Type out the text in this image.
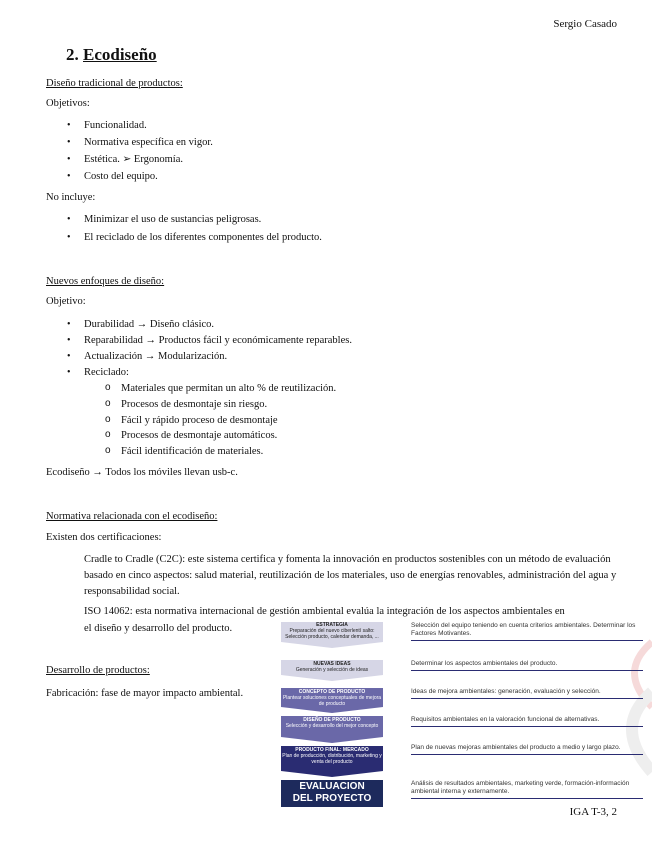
Sergio Casado
2. Ecodiseño
Diseño tradicional de productos:
Objetivos:
• Funcionalidad.
• Normativa específica en vigor.
• Estética. ➢ Ergonomía.
• Costo del equipo.
No incluye:
• Minimizar el uso de sustancias peligrosas.
• El reciclado de los diferentes componentes del producto.
Nuevos enfoques de diseño:
Objetivo:
• Durabilidad → Diseño clásico.
• Reparabilidad → Productos fácil y económicamente reparables.
• Actualización → Modularización.
• Reciclado:
o Materiales que permitan un alto % de reutilización.
o Procesos de desmontaje sin riesgo.
o Fácil y rápido proceso de desmontaje
o Procesos de desmontaje automáticos.
o Fácil identificación de materiales.
Ecodiseño → Todos los móviles llevan usb-c.
Normativa relacionada con el ecodiseño:
Existen dos certificaciones:
Cradle to Cradle (C2C): este sistema certifica y fomenta la innovación en productos sostenibles con un método de evaluación basado en cinco aspectos: salud material, reutilización de los materiales, uso de energías renovables, administración del agua y responsabilidad social.
ISO 14062: esta normativa internacional de gestión ambiental evalúa la integración de los aspectos ambientales en
el diseño y desarrollo del producto.
Desarrollo de productos:
Fabricación: fase de mayor impacto ambiental.
ESTRATEGIA
Preparación del nuevo ciberlentí salto: Selección producto, calendar demanda, ...
Selección del equipo teniendo en cuenta criterios ambientales. Determinar los Factores Motivantes.
NUEVAS IDEAS
Generación y selección de ideas
Determinar los aspectos ambientales del producto.
CONCEPTO DE PRODUCTO
Plantear soluciones conceptuales de mejora de producto
Ideas de mejora ambientales: generación, evaluación y selección.
DISEÑO DE PRODUCTO
Selección y desarrollo del mejor concepto
Requisitos ambientales en la valoración funcional de alternativas.
PRODUCTO FINAL: MERCADO
Plan de producción, distribución, marketing y venta del producto
Plan de nuevas mejoras ambientales del producto a medio y largo plazo.
EVALUACION DEL PROYECTO
Análisis de resultados ambientales, marketing verde, formación-información ambiental interna y externamente.
IGA T-3, 2
